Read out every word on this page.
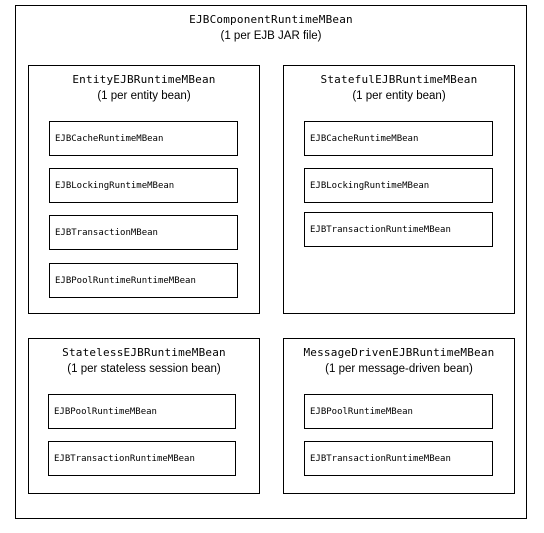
EJBComponentRuntimeMBean
(1 per EJB JAR file)
EntityEJBRuntimeMBean
(1 per entity bean)
EJBCacheRuntimeMBean
EJBLockingRuntimeMBean
EJBTransactionMBean
EJBPoolRuntimeRuntimeMBean
StatefulEJBRuntimeMBean
(1 per entity bean)
EJBCacheRuntimeMBean
EJBLockingRuntimeMBean
EJBTransactionRuntimeMBean
StatelessEJBRuntimeMBean
(1 per stateless session bean)
EJBPoolRuntimeMBean
EJBTransactionRuntimeMBean
MessageDrivenEJBRuntimeMBean
(1 per message-driven bean)
EJBPoolRuntimeMBean
EJBTransactionRuntimeMBean
